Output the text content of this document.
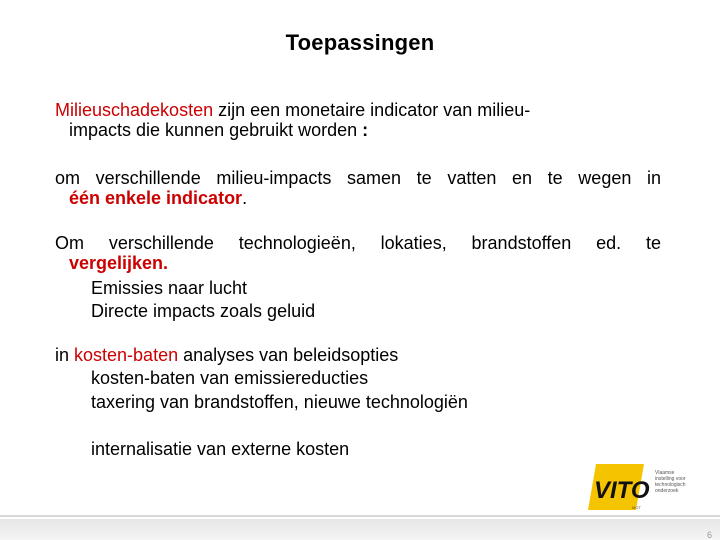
Toepassingen
Milieuschadekosten zijn een monetaire indicator van milieu-
impacts die kunnen gebruikt worden :
om verschillende milieu-impacts samen te vatten en te wegen in
één enkele indicator.
Om verschillende technologieën, lokaties, brandstoffen ed. te
vergelijken.
Emissies naar lucht
Directe impacts zoals geluid
in kosten-baten analyses van beleidsopties
kosten-baten van emissiereducties
taxering van brandstoffen, nieuwe technologiën
internalisatie van externe kosten
VITO
MOT
Vlaamse
instelling voor
technologisch
onderzoek
6
